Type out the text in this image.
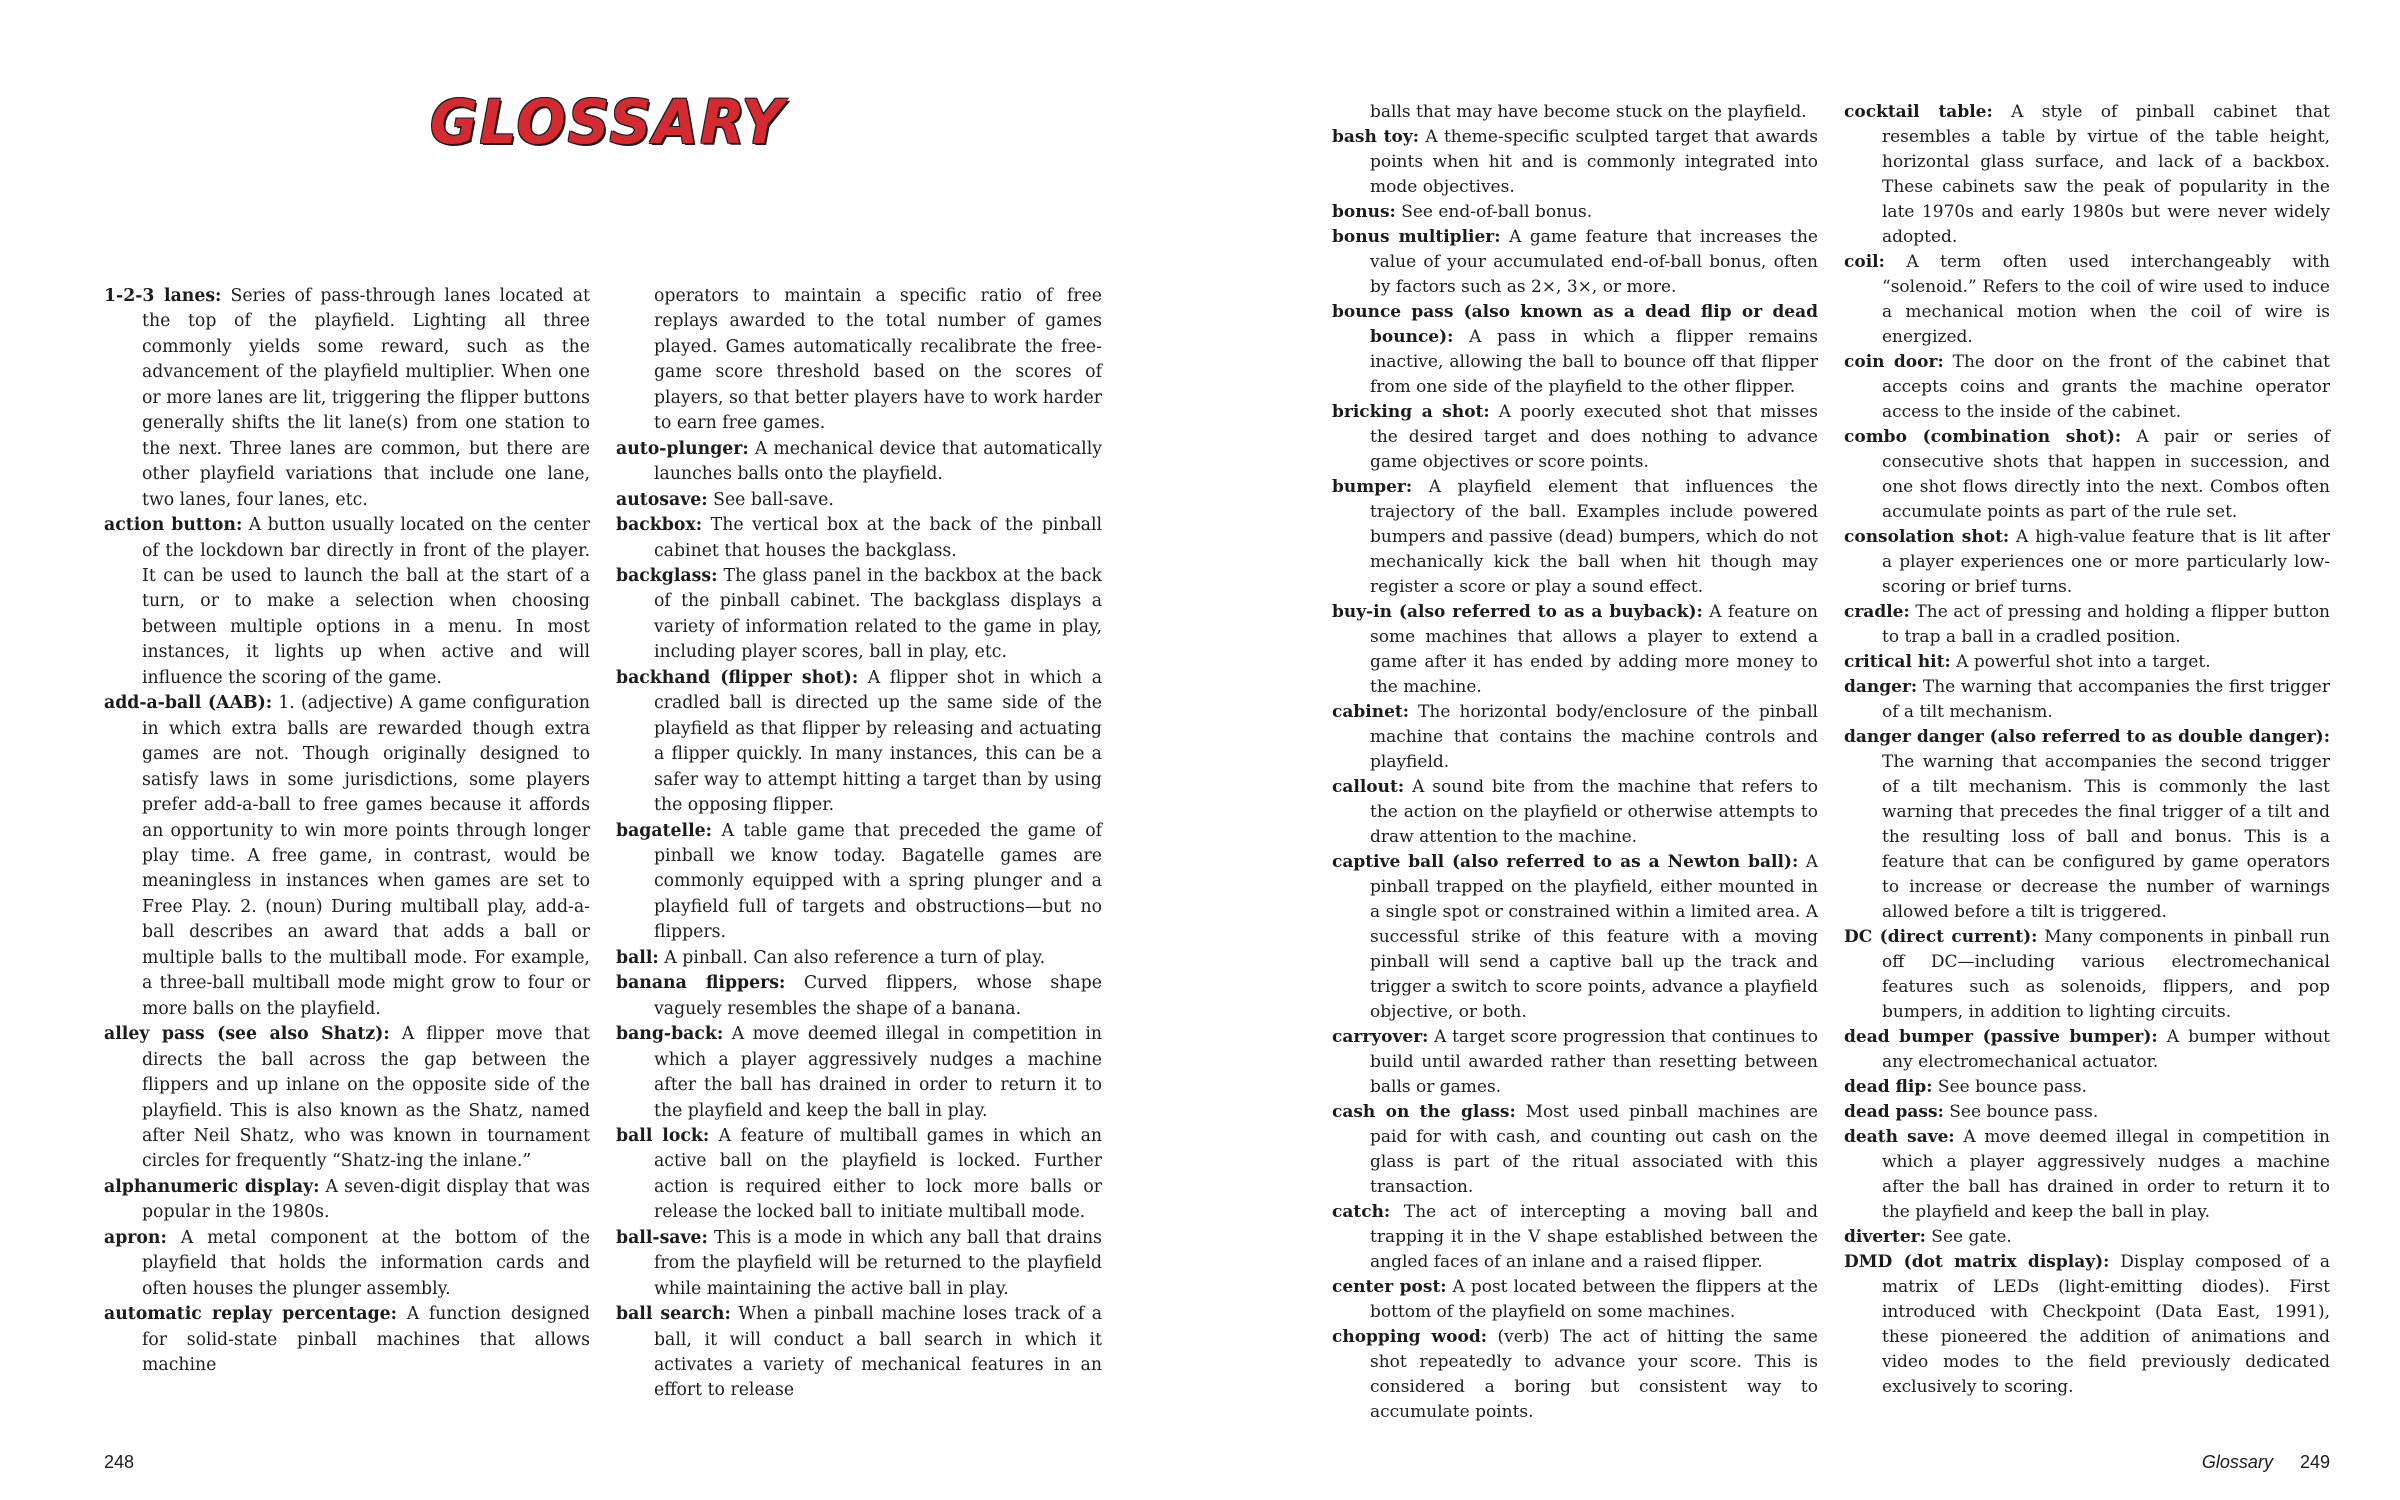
GLOSSARY

1-2-3 lanes: Series of pass-through lanes located at the top of the playfield. Lighting all three commonly yields some reward, such as the advancement of the playfield multiplier. When one or more lanes are lit, triggering the flipper buttons generally shifts the lit lane(s) from one station to the next. Three lanes are common, but there are other playfield variations that include one lane, two lanes, four lanes, etc.

action button: A button usually located on the center of the lockdown bar directly in front of the player. It can be used to launch the ball at the start of a turn, or to make a selection when choosing between multiple options in a menu. In most instances, it lights up when active and will influence the scoring of the game.

add-a-ball (AAB): 1. (adjective) A game configuration in which extra balls are rewarded though extra games are not. Though originally designed to satisfy laws in some jurisdictions, some players prefer add-a-ball to free games because it affords an opportunity to win more points through longer play time. A free game, in contrast, would be meaningless in instances when games are set to Free Play. 2. (noun) During multiball play, add-a-ball describes an award that adds a ball or multiple balls to the multiball mode. For example, a three-ball multiball mode might grow to four or more balls on the playfield.

alley pass (see also Shatz): A flipper move that directs the ball across the gap between the flippers and up inlane on the opposite side of the playfield. This is also known as the Shatz, named after Neil Shatz, who was known in tournament circles for frequently “Shatz-ing the inlane.”

alphanumeric display: A seven-digit display that was popular in the 1980s.

apron: A metal component at the bottom of the playfield that holds the information cards and often houses the plunger assembly.

automatic replay percentage: A function designed for solid-state pinball machines that allows machine

operators to maintain a specific ratio of free replays awarded to the total number of games played. Games automatically recalibrate the free-game score threshold based on the scores of players, so that better players have to work harder to earn free games.

auto-plunger: A mechanical device that automatically launches balls onto the playfield.

autosave: See ball-save.

backbox: The vertical box at the back of the pinball cabinet that houses the backglass.

backglass: The glass panel in the backbox at the back of the pinball cabinet. The backglass displays a variety of information related to the game in play, including player scores, ball in play, etc.

backhand (flipper shot): A flipper shot in which a cradled ball is directed up the same side of the playfield as that flipper by releasing and actuating a flipper quickly. In many instances, this can be a safer way to attempt hitting a target than by using the opposing flipper.

bagatelle: A table game that preceded the game of pinball we know today. Bagatelle games are commonly equipped with a spring plunger and a playfield full of targets and obstructions—but no flippers.

ball: A pinball. Can also reference a turn of play.

banana flippers: Curved flippers, whose shape vaguely resembles the shape of a banana.

bang-back: A move deemed illegal in competition in which a player aggressively nudges a machine after the ball has drained in order to return it to the playfield and keep the ball in play.

ball lock: A feature of multiball games in which an active ball on the playfield is locked. Further action is required either to lock more balls or release the locked ball to initiate multiball mode.

ball-save: This is a mode in which any ball that drains from the playfield will be returned to the playfield while maintaining the active ball in play.

ball search: When a pinball machine loses track of a ball, it will conduct a ball search in which it activates a variety of mechanical features in an effort to release

248

balls that may have become stuck on the playfield.

bash toy: A theme-specific sculpted target that awards points when hit and is commonly integrated into mode objectives.

bonus: See end-of-ball bonus.

bonus multiplier: A game feature that increases the value of your accumulated end-of-ball bonus, often by factors such as 2×, 3×, or more.

bounce pass (also known as a dead flip or dead bounce): A pass in which a flipper remains inactive, allowing the ball to bounce off that flipper from one side of the playfield to the other flipper.

bricking a shot: A poorly executed shot that misses the desired target and does nothing to advance game objectives or score points.

bumper: A playfield element that influences the trajectory of the ball. Examples include powered bumpers and passive (dead) bumpers, which do not mechanically kick the ball when hit though may register a score or play a sound effect.

buy-in (also referred to as a buyback): A feature on some machines that allows a player to extend a game after it has ended by adding more money to the machine.

cabinet: The horizontal body/enclosure of the pinball machine that contains the machine controls and playfield.

callout: A sound bite from the machine that refers to the action on the playfield or otherwise attempts to draw attention to the machine.

captive ball (also referred to as a Newton ball): A pinball trapped on the playfield, either mounted in a single spot or constrained within a limited area. A successful strike of this feature with a moving pinball will send a captive ball up the track and trigger a switch to score points, advance a playfield objective, or both.

carryover: A target score progression that continues to build until awarded rather than resetting between balls or games.

cash on the glass: Most used pinball machines are paid for with cash, and counting out cash on the glass is part of the ritual associated with this transaction.

catch: The act of intercepting a moving ball and trapping it in the V shape established between the angled faces of an inlane and a raised flipper.

center post: A post located between the flippers at the bottom of the playfield on some machines.

chopping wood: (verb) The act of hitting the same shot repeatedly to advance your score. This is considered a boring but consistent way to accumulate points.

cocktail table: A style of pinball cabinet that resembles a table by virtue of the table height, horizontal glass surface, and lack of a backbox. These cabinets saw the peak of popularity in the late 1970s and early 1980s but were never widely adopted.

coil: A term often used interchangeably with “solenoid.” Refers to the coil of wire used to induce a mechanical motion when the coil of wire is energized.

coin door: The door on the front of the cabinet that accepts coins and grants the machine operator access to the inside of the cabinet.

combo (combination shot): A pair or series of consecutive shots that happen in succession, and one shot flows directly into the next. Combos often accumulate points as part of the rule set.

consolation shot: A high-value feature that is lit after a player experiences one or more particularly low-scoring or brief turns.

cradle: The act of pressing and holding a flipper button to trap a ball in a cradled position.

critical hit: A powerful shot into a target.

danger: The warning that accompanies the first trigger of a tilt mechanism.

danger danger (also referred to as double danger): The warning that accompanies the second trigger of a tilt mechanism. This is commonly the last warning that precedes the final trigger of a tilt and the resulting loss of ball and bonus. This is a feature that can be configured by game operators to increase or decrease the number of warnings allowed before a tilt is triggered.

DC (direct current): Many components in pinball run off DC—including various electromechanical features such as solenoids, flippers, and pop bumpers, in addition to lighting circuits.

dead bumper (passive bumper): A bumper without any electromechanical actuator.

dead flip: See bounce pass.

dead pass: See bounce pass.

death save: A move deemed illegal in competition in which a player aggressively nudges a machine after the ball has drained in order to return it to the playfield and keep the ball in play.

diverter: See gate.

DMD (dot matrix display): Display composed of a matrix of LEDs (light-emitting diodes). First introduced with Checkpoint (Data East, 1991), these pioneered the addition of animations and video modes to the field previously dedicated exclusively to scoring.

Glossary 249
